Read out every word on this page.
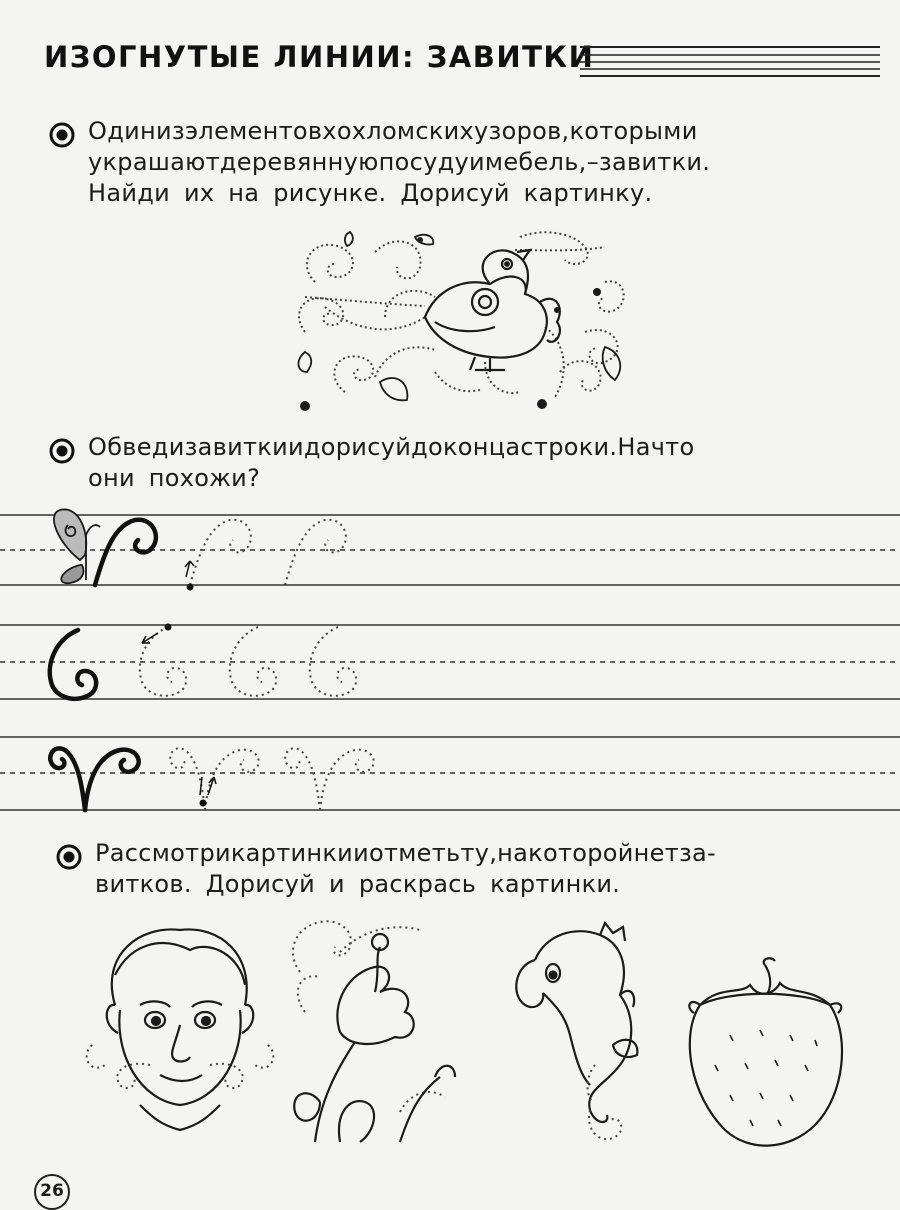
ИЗОГНУТЫЕ ЛИНИИ: ЗАВИТКИ
Одинизэлементовхохломскихузоров,которыми
украшаютдеревяннуюпосудуимебель,–завитки.
Найди их на рисунке. Дорисуй картинку.
Обведизавиткиидорисуйдоконцастроки.Начто
они похожи?
Рассмотрикартинкииотметьту,накоторойнетза-
витков. Дорисуй и раскрась картинки.
26
